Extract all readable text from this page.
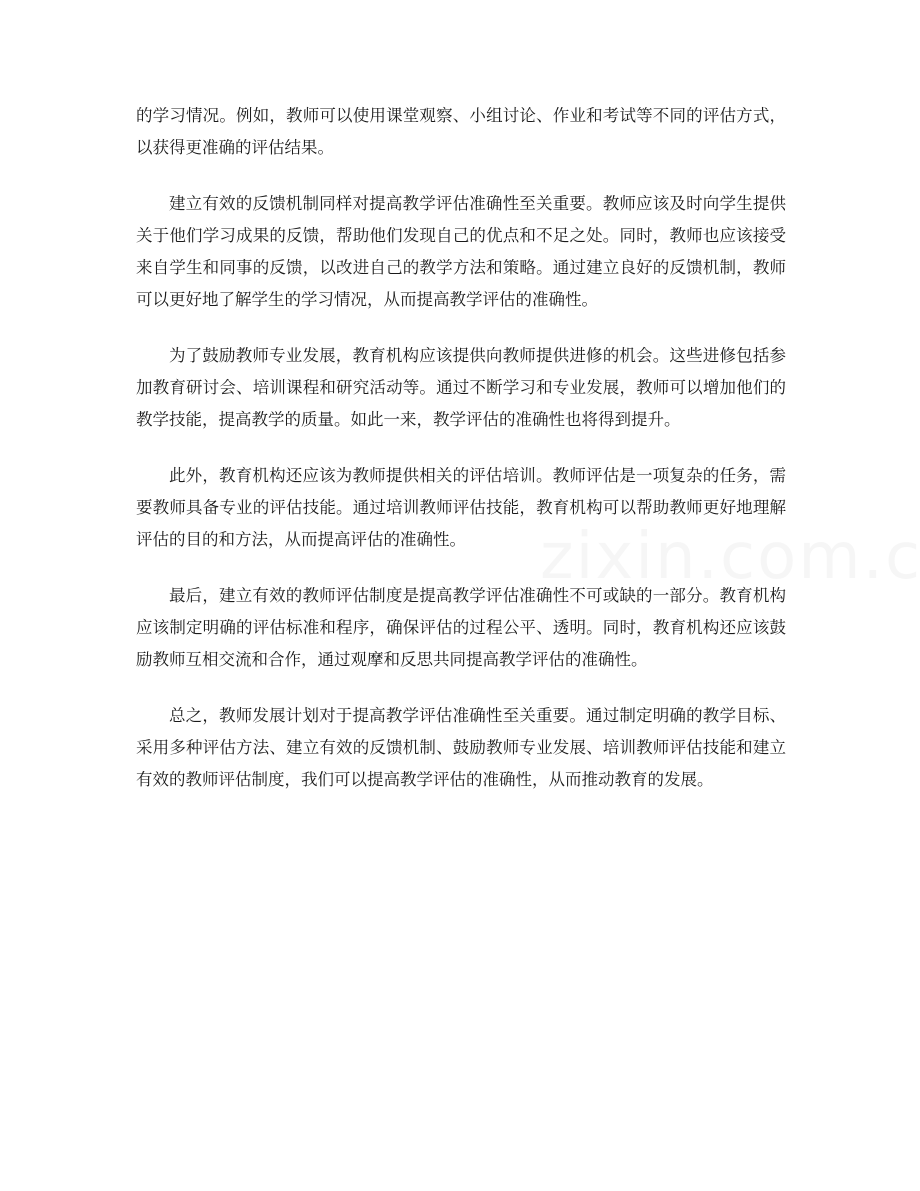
的学习情况。例如，教师可以使用课堂观察、小组讨论、作业和考试等不同的评估方式，以获得更准确的评估结果。

建立有效的反馈机制同样对提高教学评估准确性至关重要。教师应该及时向学生提供关于他们学习成果的反馈，帮助他们发现自己的优点和不足之处。同时，教师也应该接受来自学生和同事的反馈，以改进自己的教学方法和策略。通过建立良好的反馈机制，教师可以更好地了解学生的学习情况，从而提高教学评估的准确性。

为了鼓励教师专业发展，教育机构应该提供向教师提供进修的机会。这些进修包括参加教育研讨会、培训课程和研究活动等。通过不断学习和专业发展，教师可以增加他们的教学技能，提高教学的质量。如此一来，教学评估的准确性也将得到提升。

此外，教育机构还应该为教师提供相关的评估培训。教师评估是一项复杂的任务，需要教师具备专业的评估技能。通过培训教师评估技能，教育机构可以帮助教师更好地理解评估的目的和方法，从而提高评估的准确性。

最后，建立有效的教师评估制度是提高教学评估准确性不可或缺的一部分。教育机构应该制定明确的评估标准和程序，确保评估的过程公平、透明。同时，教育机构还应该鼓励教师互相交流和合作，通过观摩和反思共同提高教学评估的准确性。

总之，教师发展计划对于提高教学评估准确性至关重要。通过制定明确的教学目标、采用多种评估方法、建立有效的反馈机制、鼓励教师专业发展、培训教师评估技能和建立有效的教师评估制度，我们可以提高教学评估的准确性，从而推动教育的发展。
